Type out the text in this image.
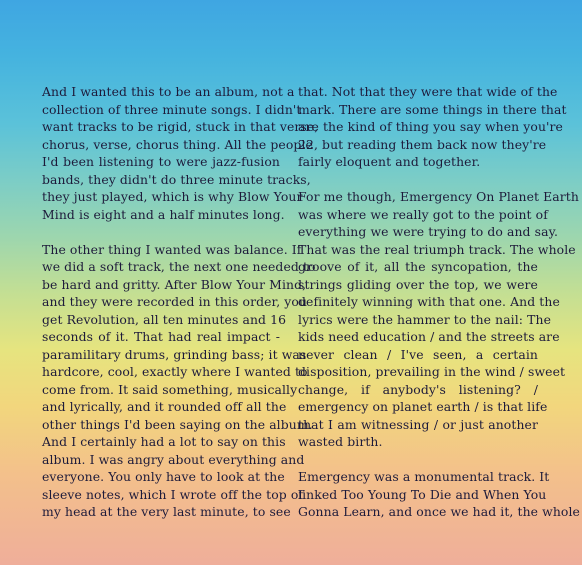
And I wanted this to be an album, not a
collection of three minute songs. I didn't
want tracks to be rigid, stuck in that verse,
chorus, verse, chorus thing. All the people
I'd been listening to were jazz-fusion
bands, they didn't do three minute tracks,
they just played, which is why Blow Your
Mind is eight and a half minutes long.
The other thing I wanted was balance. If
we did a soft track, the next one needed to
be hard and gritty. After Blow Your Mind,
and they were recorded in this order, you
get Revolution, all ten minutes and 16
seconds of it. That had real impact -
paramilitary drums, grinding bass; it was
hardcore, cool, exactly where I wanted to
come from. It said something, musically
and lyrically, and it rounded off all the
other things I'd been saying on the album.
And I certainly had a lot to say on this
album. I was angry about everything and
everyone. You only have to look at the
sleeve notes, which I wrote off the top of
my head at the very last minute, to see
that. Not that they were that wide of the
mark. There are some things in there that
are the kind of thing you say when you're
22, but reading them back now they're
fairly eloquent and together.
For me though, Emergency On Planet Earth
was where we really got to the point of
everything we were trying to do and say.
That was the real triumph track. The whole
groove of it, all the syncopation, the
strings gliding over the top, we were
definitely winning with that one. And the
lyrics were the hammer to the nail: The
kids need education / and the streets are
never clean / I've seen, a certain
disposition, prevailing in the wind / sweet
change, if anybody's listening? /
emergency on planet earth / is that life
that I am witnessing / or just another
wasted birth.
Emergency was a monumental track. It
linked Too Young To Die and When You
Gonna Learn, and once we had it, the whole
